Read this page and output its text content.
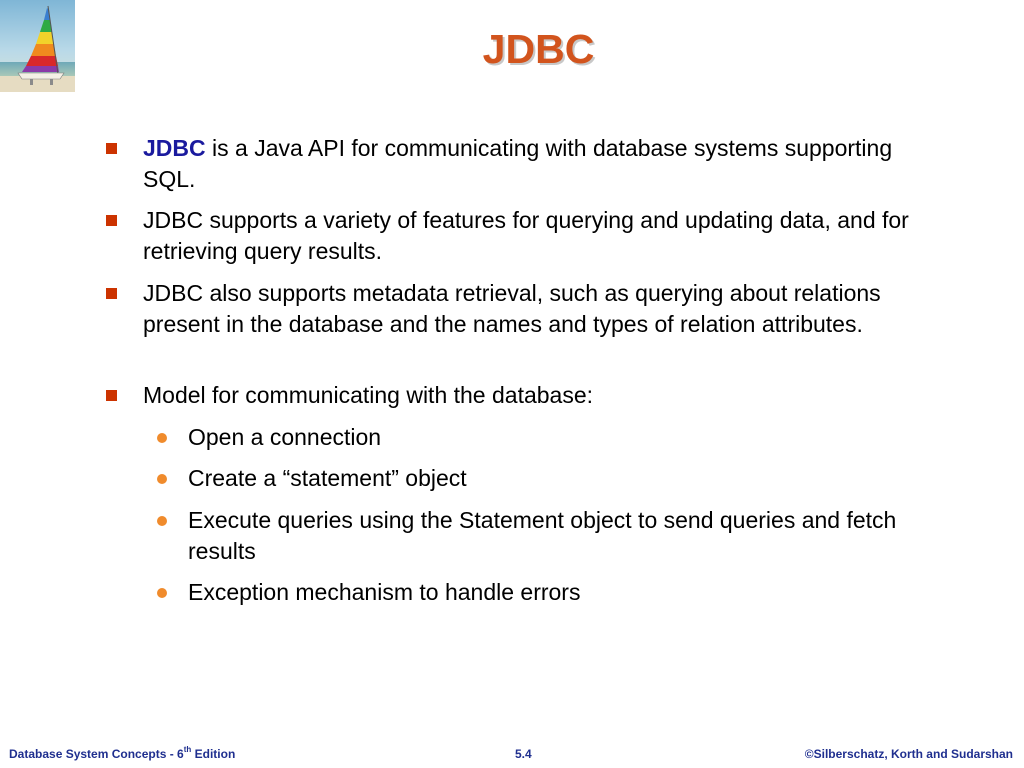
JDBC
JDBC is a Java API for communicating with database systems supporting SQL.
JDBC supports a variety of features for querying and updating data, and for retrieving query results.
JDBC also supports metadata retrieval, such as querying about relations present in the database and the names and types of relation attributes.
Model for communicating with the database:
Open a connection
Create a “statement” object
Execute queries using the Statement object to send queries and fetch results
Exception mechanism to handle errors
Database System Concepts - 6th Edition	5.4	©Silberschatz, Korth and Sudarshan
